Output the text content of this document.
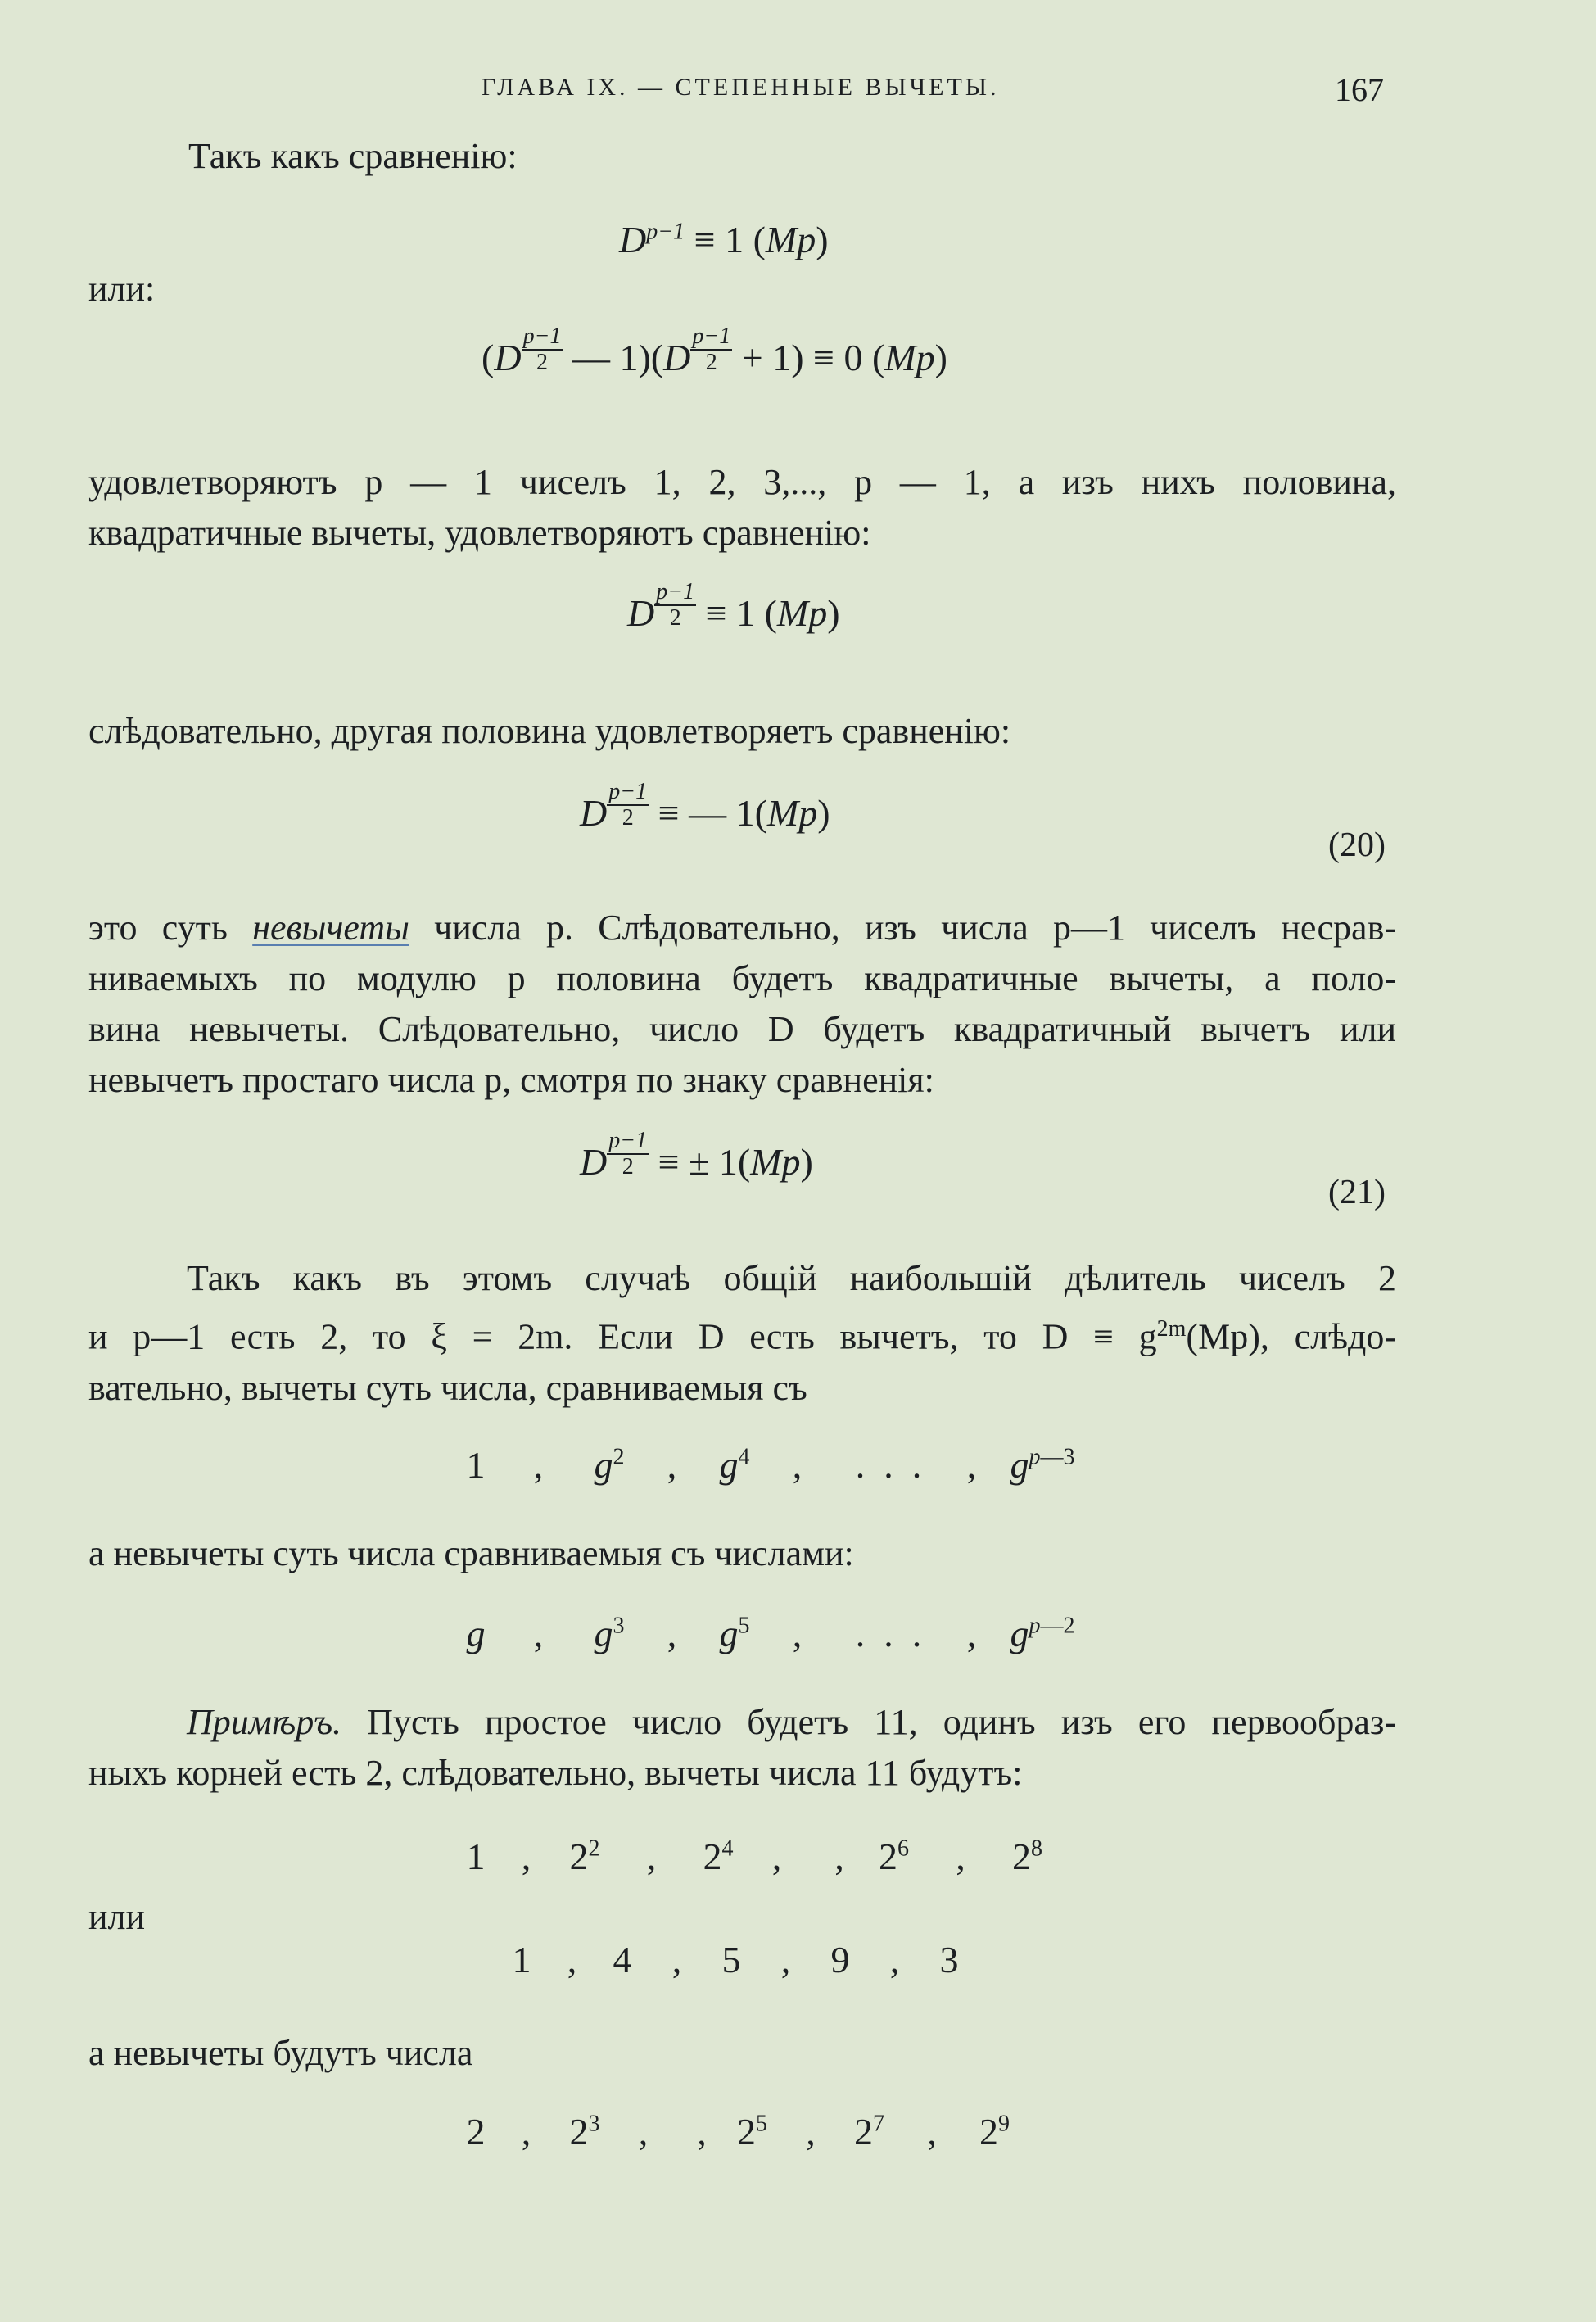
ГЛАВА IX. — СТЕПЕННЫЕ ВЫЧЕТЫ.	167
Такъ какъ сравненію:
$D^{p-1} \equiv 1$ (Mp)
или:
($D \frac{p-1}{2}$ — $1)(D \frac{p-1}{2} + 1) \equiv 0$ (Mp)
удовлетворяютъ p — 1 чиселъ 1, 2, 3,..., p — 1, а изъ нихъ половина,
квадратичные вычеты, удовлетворяютъ сравненію:
D $\frac{p-1}{2} \equiv 1$ (Mp)
слѣдовательно, другая половина удовлетворяетъ сравненію:
D $\frac{p-1}{2}$ ≡ — 1(Mp)
(20)
это суть невычеты числа p. Слѣдовательно, изъ числа p—1 чиселъ несрав-
ниваемыхъ по модулю p половина будетъ квадратичные вычеты, а поло-
вина невычеты. Слѣдовательно, число D будетъ квадратичный вычетъ или
невычетъ простаго числа p, смотря по знаку сравненія:
D $\frac{p-1}{2}$ ≡ ± 1(Mp)
(21)
Такъ какъ въ этомъ случаѣ общій наибольшій дѣлитель чиселъ 2
и p—1 есть 2, то ξ = 2m. Если D есть вычетъ, то $D \equiv g^{2m}(Mp)$, слѣдо-
вательно, вычеты суть числа, сравниваемыя съ
1 , $g^2$ , $g^4$ , .  .  . , $g^{p—3}$
а невычеты суть числа сравниваемыя съ числами:
g , $g^3$ , $g^5$ , .  .  . , $g^{p—2}$
Примѣръ. Пусть простое число будетъ 11, одинъ изъ его первообраз-
ныхъ корней есть 2, слѣдовательно, вычеты числа 11 будутъ:
1 , $2^2$ , $2^4$ , , $2^6$ , $2^8$
или
1 , 4 , 5 , 9 , 3
а невычеты будутъ числа
2 , $2^3$ , , $2^5$ , $2^7$ , $2^9$
